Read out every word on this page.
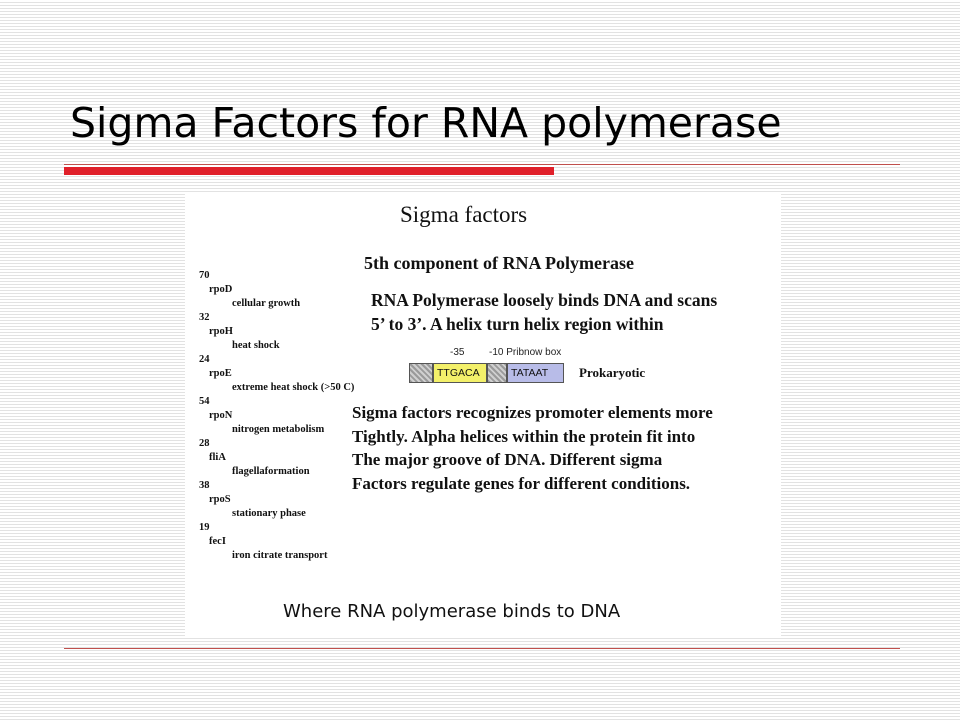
Sigma Factors for RNA polymerase
Sigma factors
5th component of RNA Polymerase
70
rpoD
cellular growth
32
rpoH
heat shock
24
rpoE
extreme heat shock (>50 C)
54
rpoN
nitrogen metabolism
28
fliA
flagellaformation
38
rpoS
stationary phase
19
fecI
iron citrate transport

RNA Polymerase loosely binds DNA and scans
5’ to 3’. A helix turn helix region within

-35 -10 Pribnow box
TTGACA	TATAAT	Prokaryotic

Sigma factors recognizes promoter elements more
Tightly. Alpha helices within the protein fit into
The major groove of DNA. Different sigma
Factors regulate genes for different conditions.

Where RNA polymerase binds to DNA
